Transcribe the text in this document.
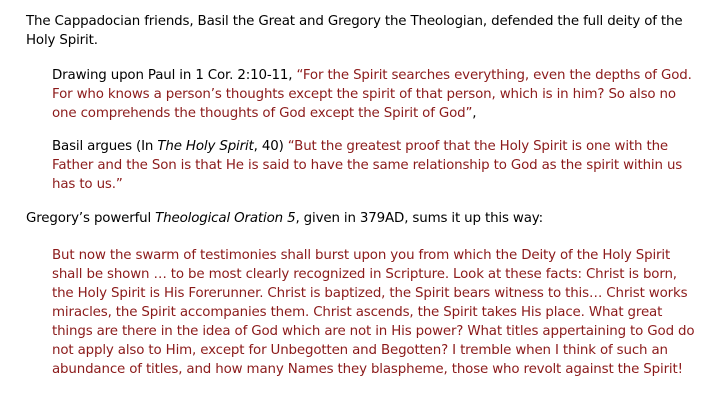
The Cappadocian friends, Basil the Great and Gregory the Theologian, defended the full deity of the Holy Spirit.

Drawing upon Paul in 1 Cor. 2:10-11, “For the Spirit searches everything, even the depths of God. For who knows a person’s thoughts except the spirit of that person, which is in him? So also no one comprehends the thoughts of God except the Spirit of God”,

Basil argues (In The Holy Spirit, 40) “But the greatest proof that the Holy Spirit is one with the Father and the Son is that He is said to have the same relationship to God as the spirit within us has to us.”

Gregory’s powerful Theological Oration 5, given in 379AD, sums it up this way:

But now the swarm of testimonies shall burst upon you from which the Deity of the Holy Spirit shall be shown … to be most clearly recognized in Scripture. Look at these facts: Christ is born, the Holy Spirit is His Forerunner. Christ is baptized, the Spirit bears witness to this… Christ works miracles, the Spirit accompanies them. Christ ascends, the Spirit takes His place. What great things are there in the idea of God which are not in His power? What titles appertaining to God do not apply also to Him, except for Unbegotten and Begotten? I tremble when I think of such an abundance of titles, and how many Names they blaspheme, those who revolt against the Spirit!
